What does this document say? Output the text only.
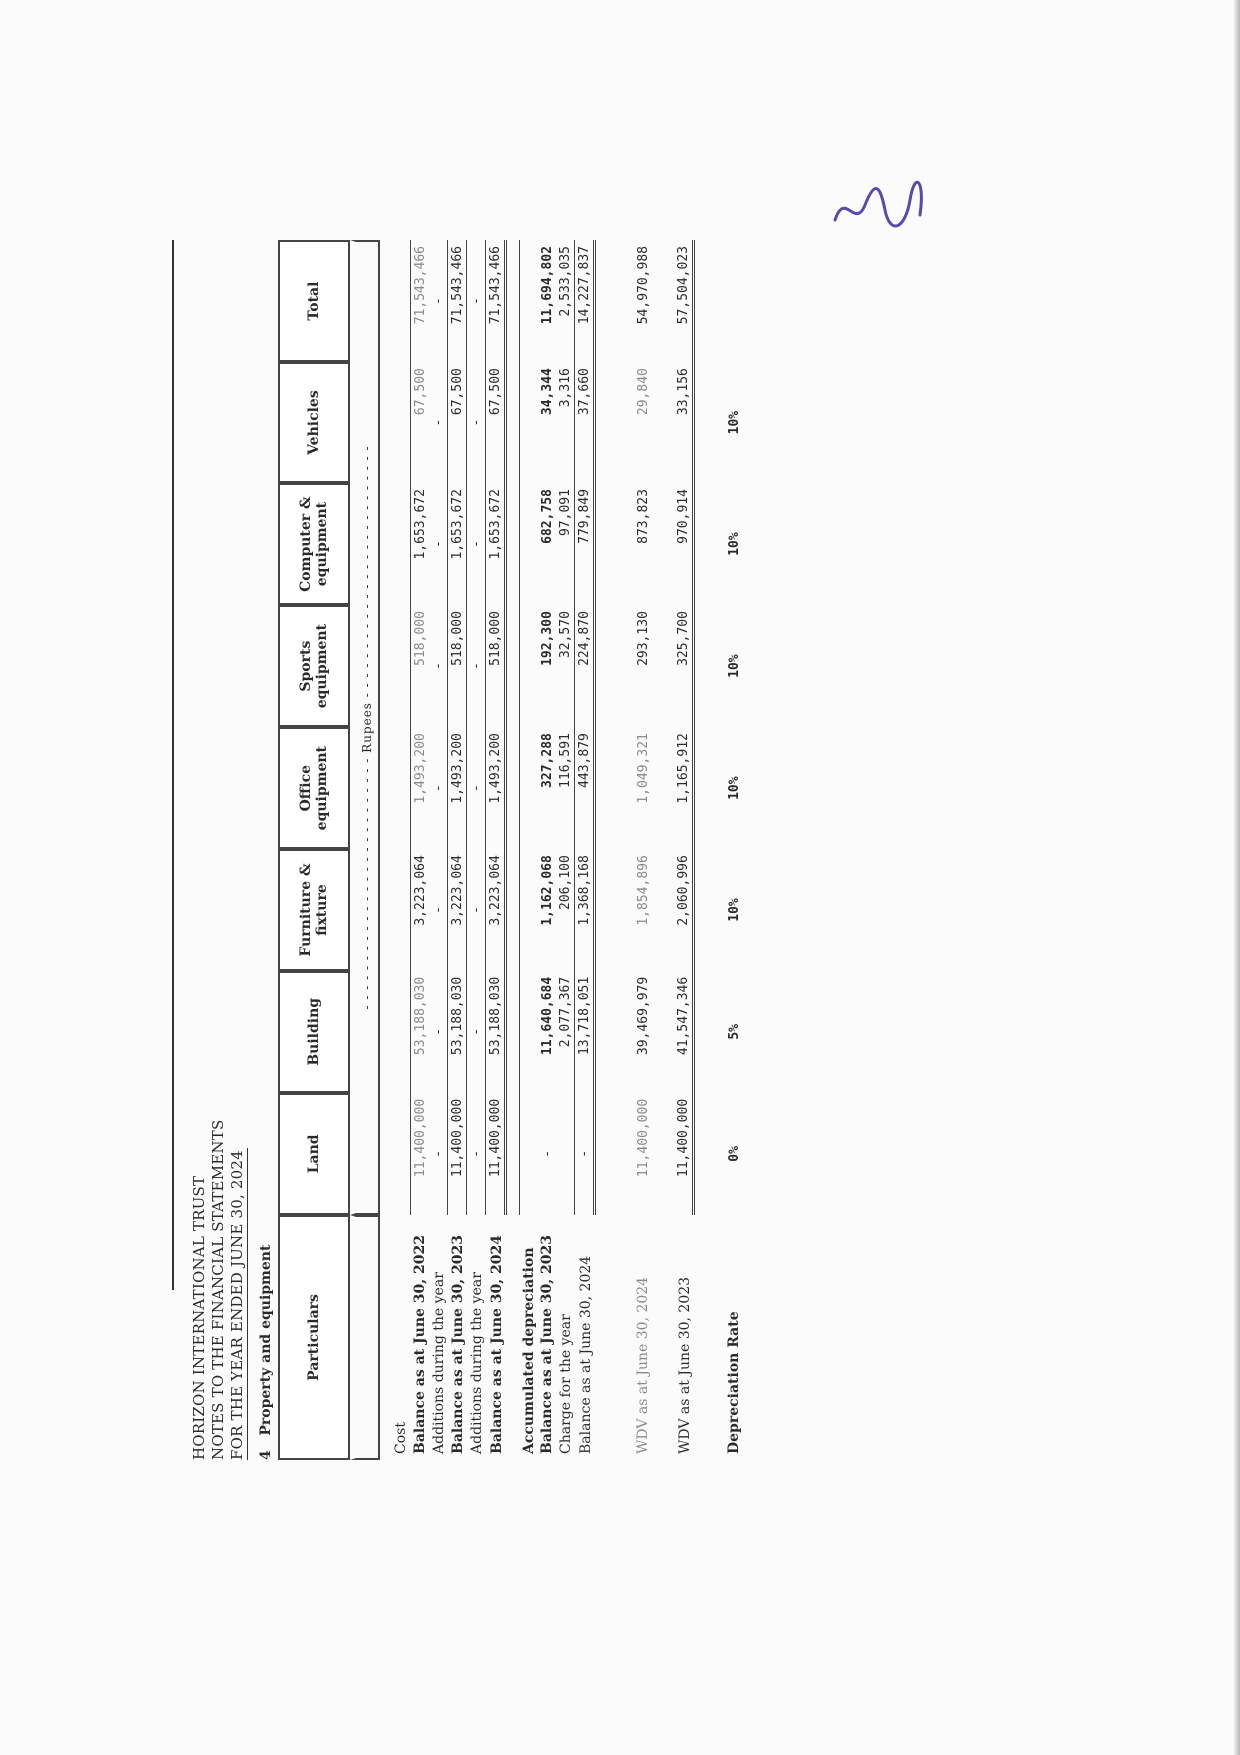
HORIZON INTERNATIONAL TRUST NOTES TO THE FINANCIAL STATEMENTS FOR THE YEAR ENDED JUNE 30, 2024 4   Property and equipment Particulars	Land	Building	Furniture & fixture	Office equipment	Sports equipment	Computer & equipment	Vehicles	Total
	- - - - - - - - - - - - - - - - - - - - - - - - - - Rupees - - - - - - - - - - - - - - - - - - - - - - - - - -							

Cost								
Balance as at June 30, 2022	11,400,000	53,188,030	3,223,064	1,493,200	518,000	1,653,672	67,500	71,543,466
Additions during the year	-	-	-	-	-	-	-	-
Balance as at June 30, 2023	11,400,000	53,188,030	3,223,064	1,493,200	518,000	1,653,672	67,500	71,543,466
Additions during the year	-	-	-	-	-	-	-	-
Balance as at June 30, 2024	11,400,000	53,188,030	3,223,064	1,493,200	518,000	1,653,672	67,500	71,543,466

Accumulated depreciation								
Balance as at June 30, 2023	-	11,640,684	1,162,068	327,288	192,300	682,758	34,344	11,694,802
Charge for the year		2,077,367	206,100	116,591	32,570	97,091	3,316	2,533,035
Balance as at June 30, 2024	-	13,718,051	1,368,168	443,879	224,870	779,849	37,660	14,227,837

WDV as at June 30, 2024	11,400,000	39,469,979	1,854,896	1,049,321	293,130	873,823	29,840	54,970,988

WDV as at June 30, 2023	11,400,000	41,547,346	2,060,996	1,165,912	325,700	970,914	33,156	57,504,023

Depreciation Rate	0%	5%	10%	10%	10%	10%	10%	
